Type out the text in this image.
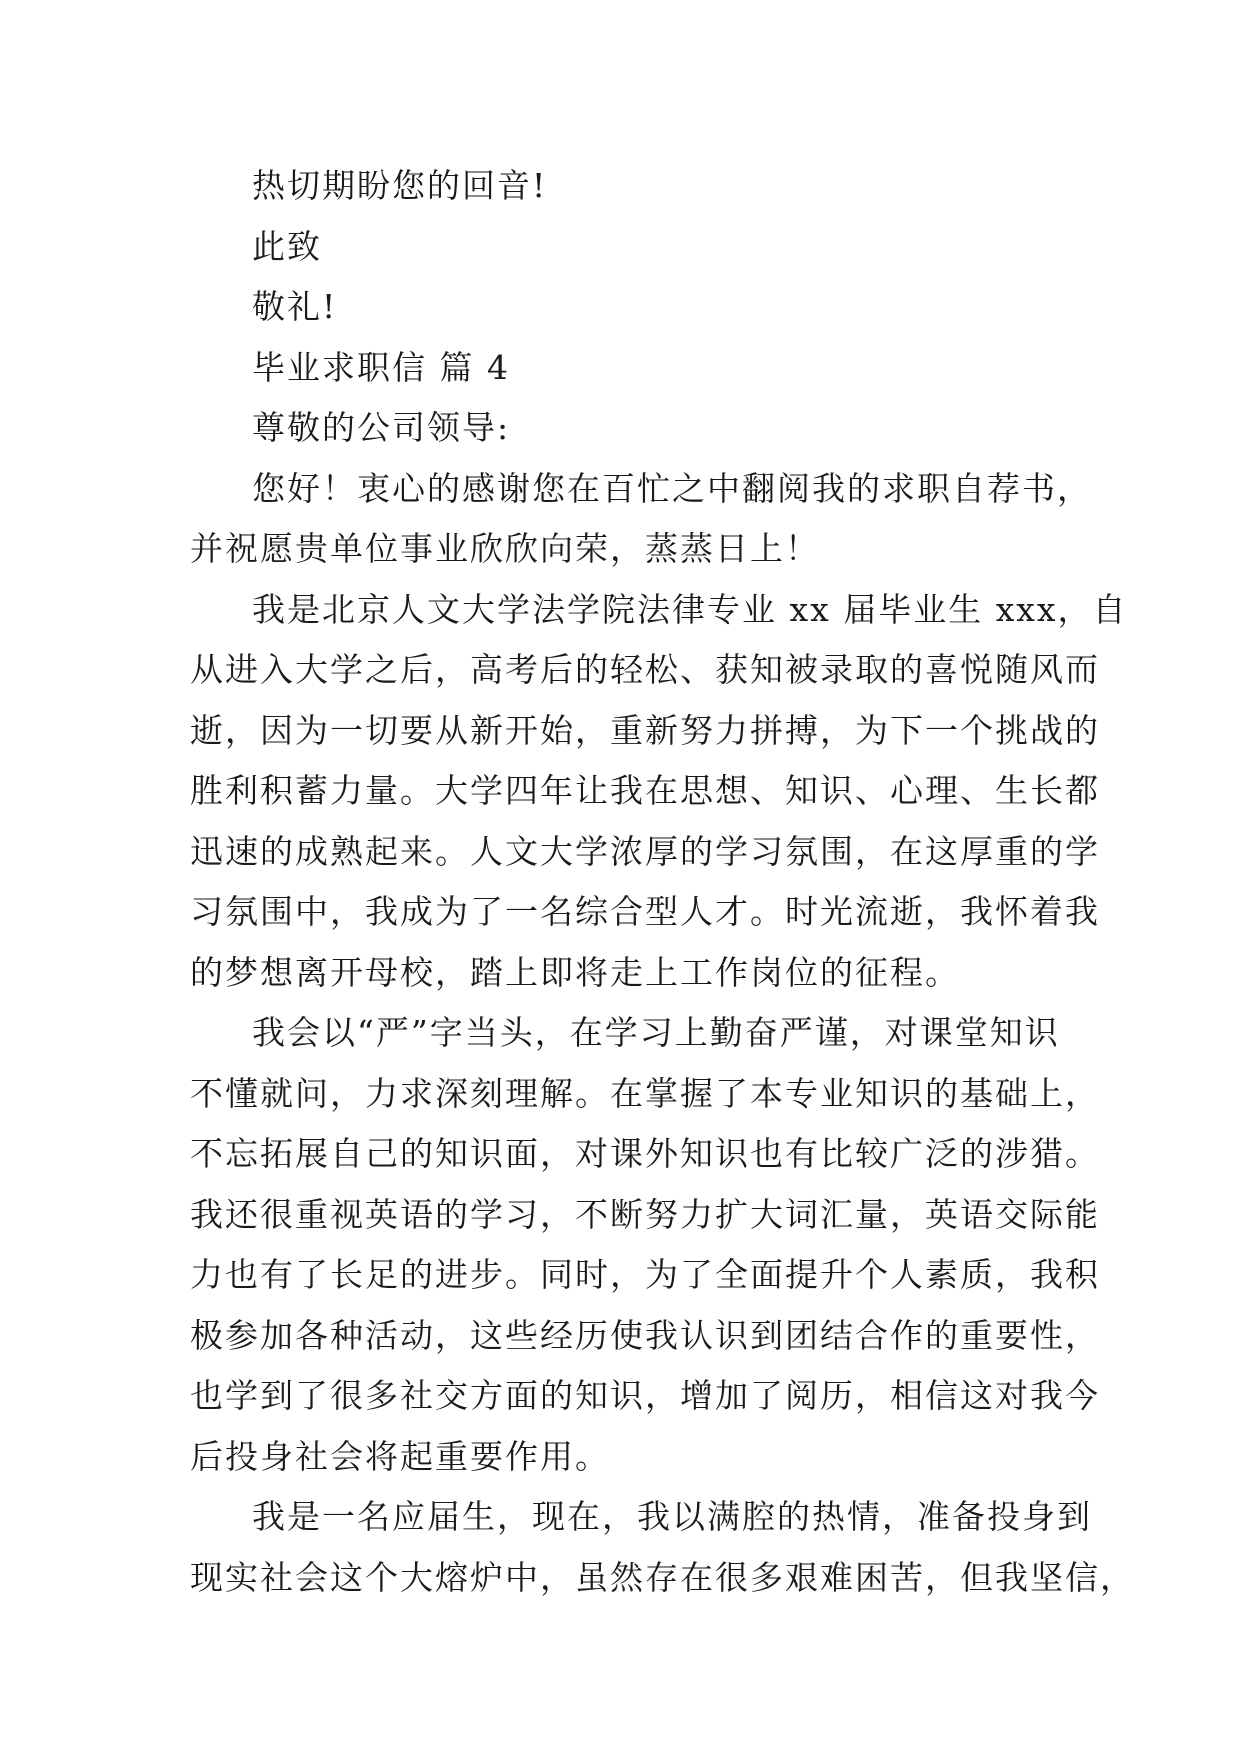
热切期盼您的回音!
此致
敬礼!
毕业求职信 篇 4
尊敬的公司领导:
您好！衷心的感谢您在百忙之中翻阅我的求职自荐书，
并祝愿贵单位事业欣欣向荣，蒸蒸日上！
我是北京人文大学法学院法律专业 xx 届毕业生 xxx，自
从进入大学之后，高考后的轻松、获知被录取的喜悦随风而
逝，因为一切要从新开始，重新努力拼搏，为下一个挑战的
胜利积蓄力量。大学四年让我在思想、知识、心理、生长都
迅速的成熟起来。人文大学浓厚的学习氛围，在这厚重的学
习氛围中，我成为了一名综合型人才。时光流逝，我怀着我
的梦想离开母校，踏上即将走上工作岗位的征程。
我会以“严”字当头，在学习上勤奋严谨，对课堂知识
不懂就问，力求深刻理解。在掌握了本专业知识的基础上，
不忘拓展自己的知识面，对课外知识也有比较广泛的涉猎。
我还很重视英语的学习，不断努力扩大词汇量，英语交际能
力也有了长足的进步。同时，为了全面提升个人素质，我积
极参加各种活动，这些经历使我认识到团结合作的重要性，
也学到了很多社交方面的知识，增加了阅历，相信这对我今
后投身社会将起重要作用。
我是一名应届生，现在，我以满腔的热情，准备投身到
现实社会这个大熔炉中，虽然存在很多艰难困苦，但我坚信，
